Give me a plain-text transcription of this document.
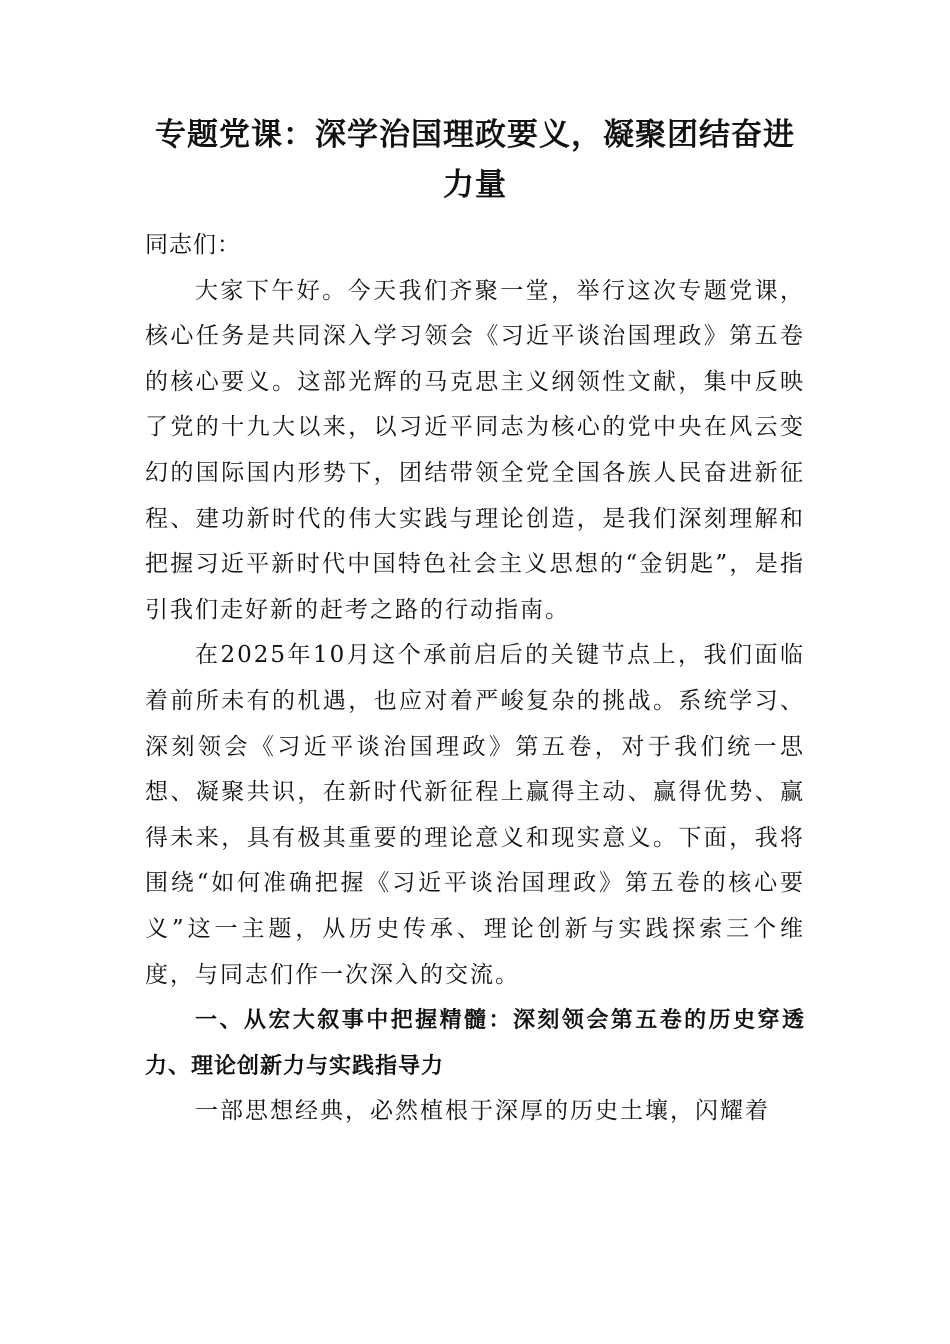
专题党课：深学治国理政要义，凝聚团结奋进力量

同志们：

大家下午好。今天我们齐聚一堂，举行这次专题党课，核心任务是共同深入学习领会《习近平谈治国理政》第五卷的核心要义。这部光辉的马克思主义纲领性文献，集中反映了党的十九大以来，以习近平同志为核心的党中央在风云变幻的国际国内形势下，团结带领全党全国各族人民奋进新征程、建功新时代的伟大实践与理论创造，是我们深刻理解和把握习近平新时代中国特色社会主义思想的“金钥匙”，是指引我们走好新的赶考之路的行动指南。

在2025年10月这个承前启后的关键节点上，我们面临着前所未有的机遇，也应对着严峻复杂的挑战。系统学习、深刻领会《习近平谈治国理政》第五卷，对于我们统一思想、凝聚共识，在新时代新征程上赢得主动、赢得优势、赢得未来，具有极其重要的理论意义和现实意义。下面，我将围绕“如何准确把握《习近平谈治国理政》第五卷的核心要义”这一主题，从历史传承、理论创新与实践探索三个维度，与同志们作一次深入的交流。

一、从宏大叙事中把握精髓：深刻领会第五卷的历史穿透力、理论创新力与实践指导力

一部思想经典，必然植根于深厚的历史土壤，闪耀着
